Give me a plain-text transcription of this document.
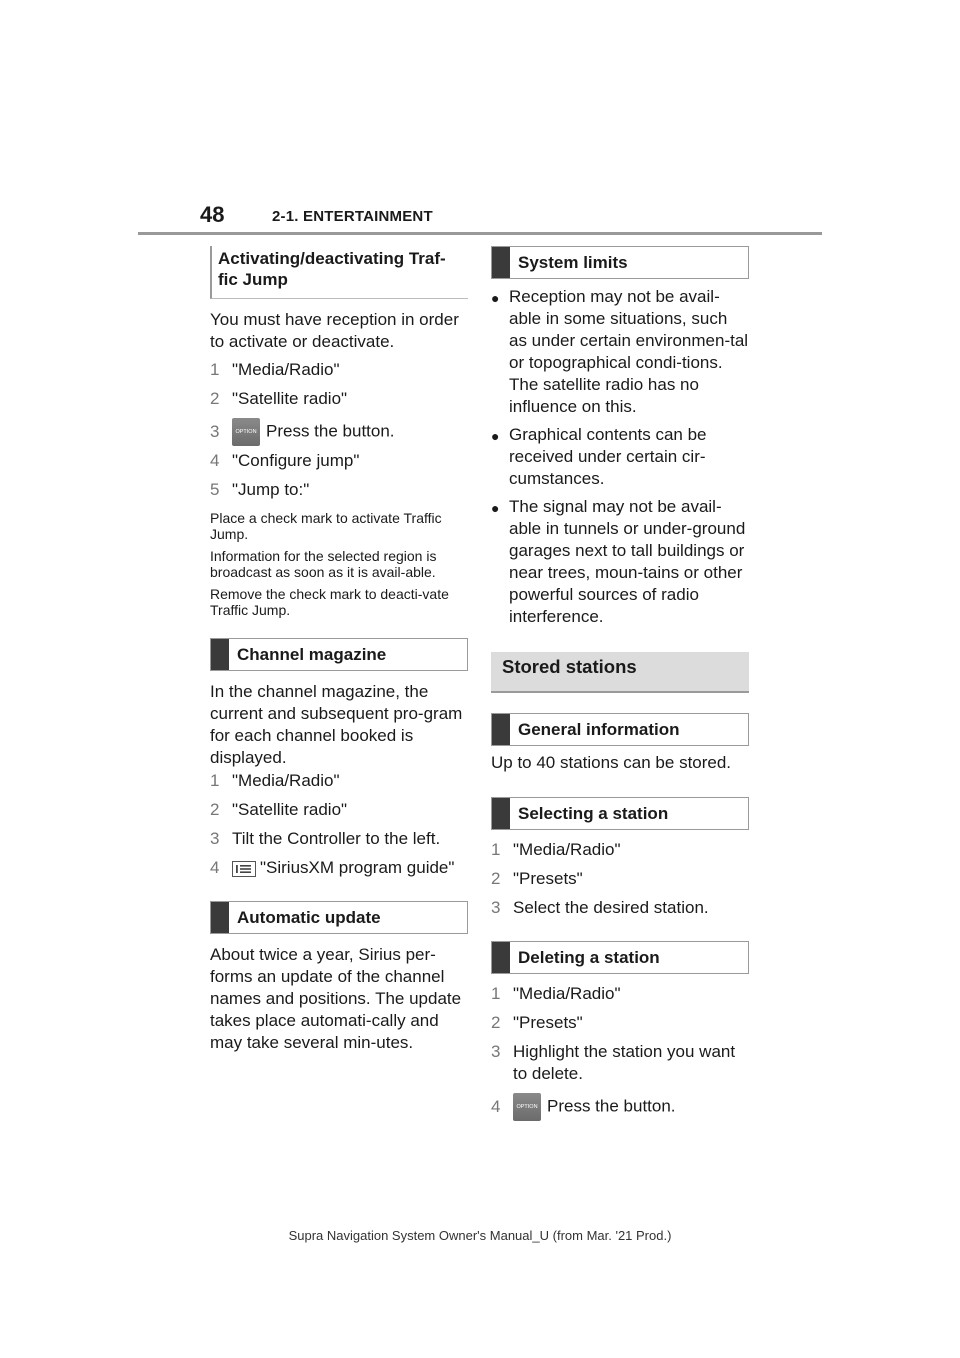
48	2-1. ENTERTAINMENT
Activating/deactivating Traf-fic Jump

You must have reception in order to activate or deactivate.

1 "Media/Radio"
2 "Satellite radio"
3	OPTION Press the button.
4 "Configure jump"
5 "Jump to:"

Place a check mark to activate Traffic Jump.

Information for the selected region is broadcast as soon as it is avail-able.

Remove the check mark to deacti-vate Traffic Jump.

Channel magazine

In the channel magazine, the current and subsequent pro-gram for each channel booked is displayed.

1 "Media/Radio"
2 "Satellite radio"
3 Tilt the Controller to the left.
4	"SiriusXM program guide"
Automatic update

About twice a year, Sirius per-forms an update of the channel names and positions. The update takes place automati-cally and may take several min-utes.

System limits
● Reception may not be avail-able in some situations, such as under certain environmen-tal or topographical condi-tions. The satellite radio has no influence on this.
● Graphical contents can be received under certain cir-cumstances.
● The signal may not be avail-able in tunnels or under-ground garages next to tall buildings or near trees, moun-tains or other powerful sources of radio interference.
Stored stations
General information

Up to 40 stations can be stored.

Selecting a station
1 "Media/Radio"
2 "Presets"
3 Select the desired station.
Deleting a station
1 "Media/Radio"
2 "Presets"
3 Highlight the station you want to delete.
4	OPTION Press the button.
Supra Navigation System Owner's Manual_U (from Mar. '21 Prod.)
